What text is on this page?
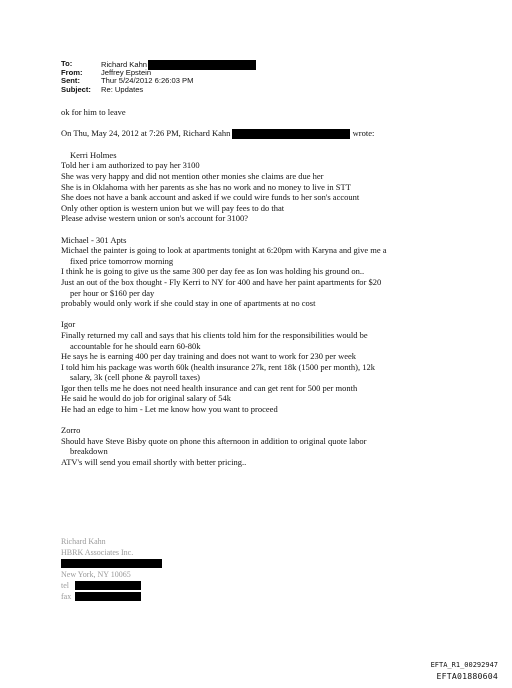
To:	Richard Kahn
From: Jeffrey Epstein
Sent:	Thur 5/24/2012 6:26:03 PM
Subject: Re: Updates
ok for him to leave
On Thu, May 24, 2012 at 7:26 PM, Richard Kahn	wrote:
Kerri Holmes
Told her i am authorized to pay her 3100
She was very happy and did not mention other monies she claims are due her
She is in Oklahoma with her parents as she has no work and no money to live in STT
She does not have a bank account and asked if we could wire funds to her son's account
Only other option is western union but we will pay fees to do that
Please advise western union or son's account for 3100?
Michael - 301 Apts
Michael the painter is going to look at apartments tonight at 6:20pm with Karyna and give me a
fixed price tomorrow morning
I think he is going to give us the same 300 per day fee as Ion was holding his ground on..
Just an out of the box thought - Fly Kerri to NY for 400 and have her paint apartments for $20
per hour or $160 per day
probably would only work if she could stay in one of apartments at no cost
Igor
Finally returned my call and says that his clients told him for the responsibilities would be
accountable for he should earn 60-80k
He says he is earning 400 per day training and does not want to work for 230 per week
I told him his package was worth 60k (health insurance 27k, rent 18k (1500 per month), 12k
salary, 3k (cell phone & payroll taxes)
Igor then tells me he does not need health insurance and can get rent for 500 per month
He said he would do job for original salary of 54k
He had an edge to him - Let me know how you want to proceed
Zorro
Should have Steve Bisby quote on phone this afternoon in addition to original quote labor
breakdown
ATV's will send you email shortly with better pricing..
Richard Kahn
HBRK Associates Inc.
New York, NY 10065
tel
fax
EFTA_R1_00292947
EFTA01880604
